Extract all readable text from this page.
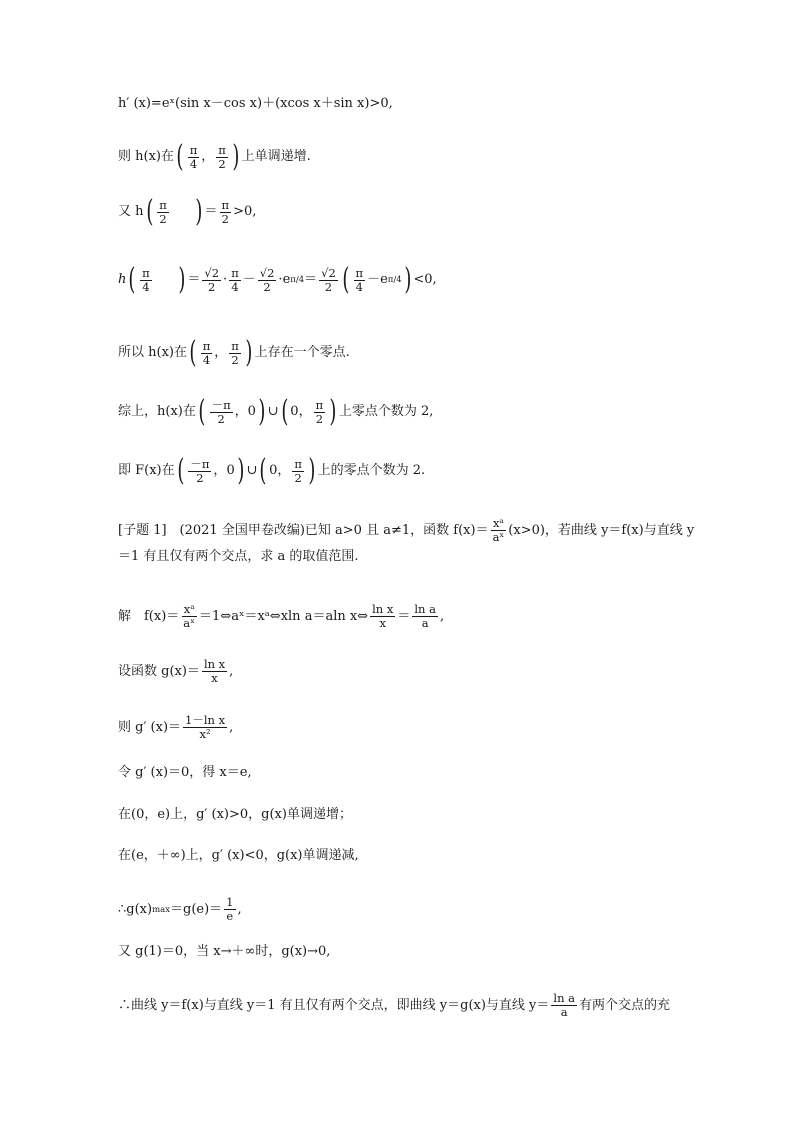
h′ (x)=eˣ(sin x－cos x)＋(xcos x＋sin x)>0,
则 h(x)在 ( $\frac{\pi}{4}$ ， $\frac{\pi}{2}$ ) 上单调递增.
又 h ( $\frac{\pi}{2}$ ) ＝ $\frac{\pi}{2} >0$,
h ( $\frac{\pi}{4}$ ) ＝ $\frac{√2}{2} \cdot \frac{\pi}{4} - \frac{√2}{2} \cdot e$ $\pi/4 = \frac{√2}{2}$ ( $\frac{\pi}{4} - e$ π/4 ) <0,
所以 h(x)在 ( $\frac{\pi}{4}$ ， $\frac{\pi}{2}$ ) 上存在一个零点.
综上，h(x)在 ( $\frac{-\pi}{2}$ ， 0 ) ∪ ( 0 ， $\frac{\pi}{2}$ ) 上零点个数为 2,
即 F(x)在 ( $\frac{-\pi}{2}$ ， 0 ) ∪ ( 0 ， $\frac{\pi}{2}$ ) 上的零点个数为 2.
[子题 1]　(2021 全国甲卷改编)已知 a>0 且 a≠1，函数 $f(x)= \frac{\text{xᵃ}}{\text{aˣ}} (x>0)$，若曲线 y＝f(x)与直线 y
＝1 有且仅有两个交点，求 a 的取值范围.
解　$f(x)= \frac{\text{xᵃ}}{\text{aˣ}}$ ＝1⇔aˣ＝xᵃ⇔xln a＝aln x⇔ $\frac{\text{ln x}}{x} = \frac{\text{ln a}}{a}$ ,
设函数 $g(x)= \frac{\text{ln x}}{x}$ ,
则 g′ $(x)= \frac{\text{1－ln x}}{\text{x²}}$ ,
令 g′ (x)＝0，得 x＝e,
在(0，e)上，g′ (x)>0，g(x)单调递增；
在(e，＋∞)上，g′ (x)<0，g(x)单调递减,
∴g(x) $\max =g(e)= \frac{1}{e}$ ,
又 g(1)＝0，当 x→＋∞时，g(x)→0,
∴曲线 y＝f(x)与直线 y＝1 有且仅有两个交点，即曲线 y＝g(x)与直线 $y= \frac{\text{ln a}}{a}$ 有两个交点的充
